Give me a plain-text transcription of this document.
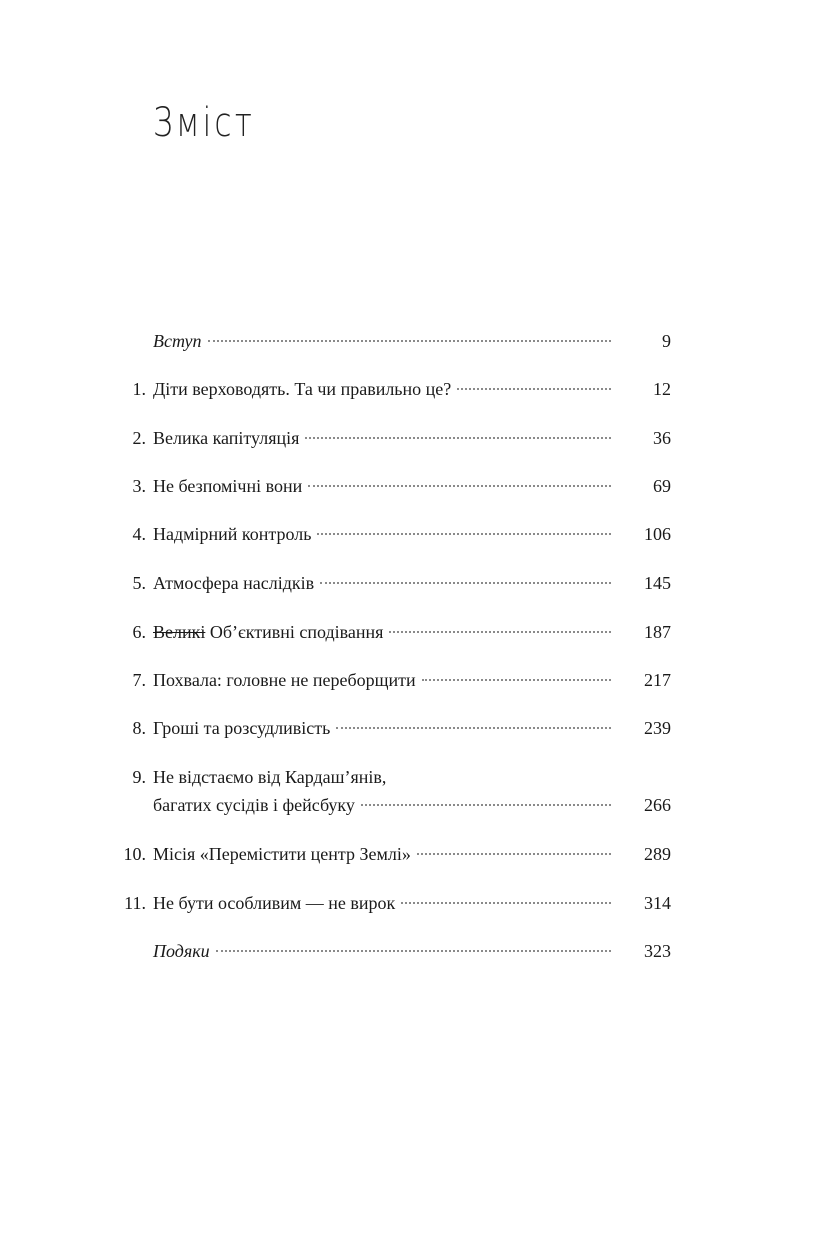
Зміст
Вступ	9
1. Діти верховодять. Та чи правильно це?	12
2. Велика капітуляція	36
3. Не безпомічні вони	69
4. Надмірний контроль	106
5. Атмосфера наслідків	145
6. Великі Об’єктивні сподівання	187
7. Похвала: головне не переборщити	217
8. Гроші та розсудливість	239
9. Не відстаємо від Кардаш’янів,
багатих сусідів і фейсбуку	266
10. Місія «Перемістити центр Землі»	289
11. Не бути особливим — не вирок	314
Подяки	323
